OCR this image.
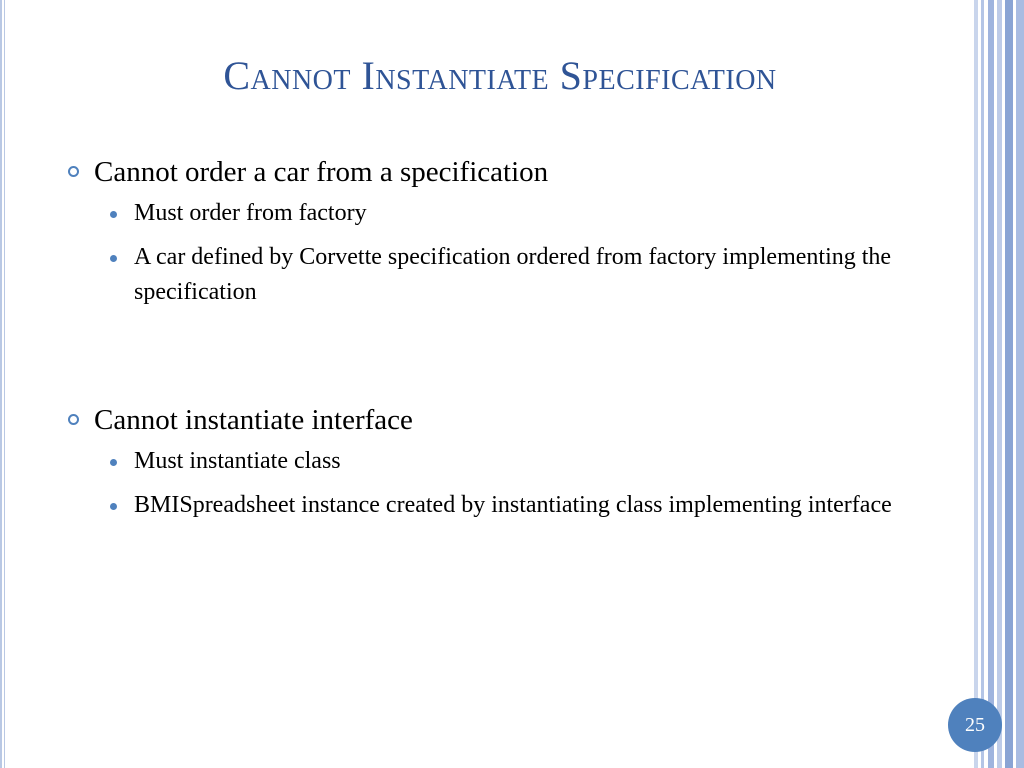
Cannot Instantiate Specification
Cannot order a car from a specification
Must order from factory
A car defined by Corvette specification ordered from factory implementing the specification
Cannot instantiate interface
Must instantiate class
BMISpreadsheet instance created by instantiating class implementing interface
25
